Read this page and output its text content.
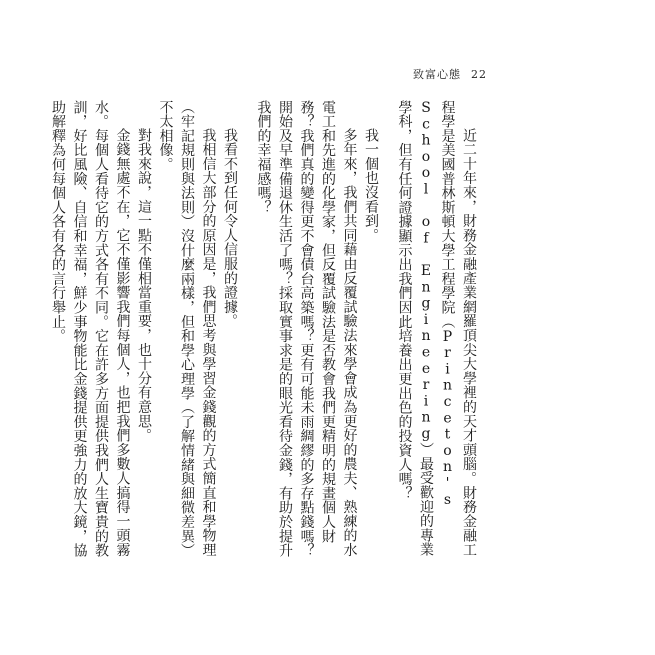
致富心態 22

近二十年來，財務金融產業網羅頂尖大學裡的天才頭腦。財務金融工程學是美國普林斯頓大學工程學院（Princeton's School of Engineering）最受歡迎的專業學科，但有任何證據顯示出我們因此培養出更出色的投資人嗎？

我一個也沒看到。

多年來，我們共同藉由反覆試驗法來學會成為更好的農夫、熟練的水電工和先進的化學家，但反覆試驗法是否教會我們更精明的規畫個人財務？我們真的變得更不會債台高築嗎？更有可能未雨綢繆的多存點錢嗎？開始及早準備退休生活了嗎？採取實事求是的眼光看待金錢，有助於提升我們的幸福感嗎？

我看不到任何令人信服的證據。

我相信大部分的原因是，我們思考與學習金錢觀的方式簡直和學物理（牢記規則與法則）沒什麼兩樣，但和學心理學（了解情緒與細微差異）不太相像。

對我來說，這一點不僅相當重要，也十分有意思。

金錢無處不在，它不僅影響我們每個人，也把我們多數人搞得一頭霧水。每個人看待它的方式各有不同。它在許多方面提供我們人生寶貴的教訓，好比風險、自信和幸福，鮮少事物能比金錢提供更強力的放大鏡，協助解釋為何每個人各有各的言行舉止。
